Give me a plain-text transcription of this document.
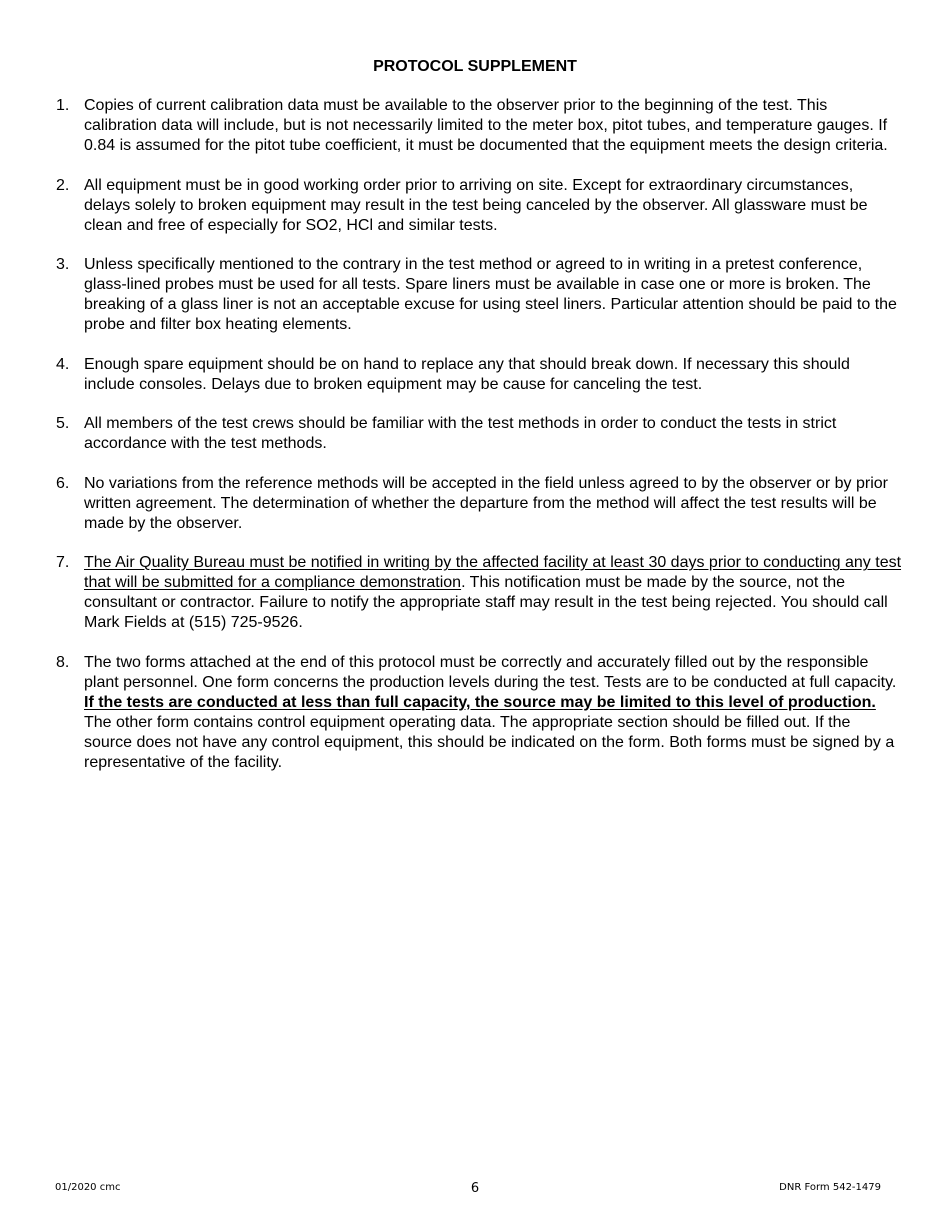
PROTOCOL SUPPLEMENT
1. Copies of current calibration data must be available to the observer prior to the beginning of the test. This calibration data will include, but is not necessarily limited to the meter box, pitot tubes, and temperature gauges. If 0.84 is assumed for the pitot tube coefficient, it must be documented that the equipment meets the design criteria.
2. All equipment must be in good working order prior to arriving on site. Except for extraordinary circumstances, delays solely to broken equipment may result in the test being canceled by the observer. All glassware must be clean and free of especially for SO2, HCl and similar tests.
3. Unless specifically mentioned to the contrary in the test method or agreed to in writing in a pretest conference, glass-lined probes must be used for all tests. Spare liners must be available in case one or more is broken. The breaking of a glass liner is not an acceptable excuse for using steel liners. Particular attention should be paid to the probe and filter box heating elements.
4. Enough spare equipment should be on hand to replace any that should break down. If necessary this should include consoles. Delays due to broken equipment may be cause for canceling the test.
5. All members of the test crews should be familiar with the test methods in order to conduct the tests in strict accordance with the test methods.
6. No variations from the reference methods will be accepted in the field unless agreed to by the observer or by prior written agreement. The determination of whether the departure from the method will affect the test results will be made by the observer.
7. The Air Quality Bureau must be notified in writing by the affected facility at least 30 days prior to conducting any test that will be submitted for a compliance demonstration. This notification must be made by the source, not the consultant or contractor. Failure to notify the appropriate staff may result in the test being rejected. You should call Mark Fields at (515) 725-9526.
8. The two forms attached at the end of this protocol must be correctly and accurately filled out by the responsible plant personnel. One form concerns the production levels during the test. Tests are to be conducted at full capacity. If the tests are conducted at less than full capacity, the source may be limited to this level of production. The other form contains control equipment operating data. The appropriate section should be filled out. If the source does not have any control equipment, this should be indicated on the form. Both forms must be signed by a representative of the facility.
01/2020 cmc	6	DNR Form 542-1479
